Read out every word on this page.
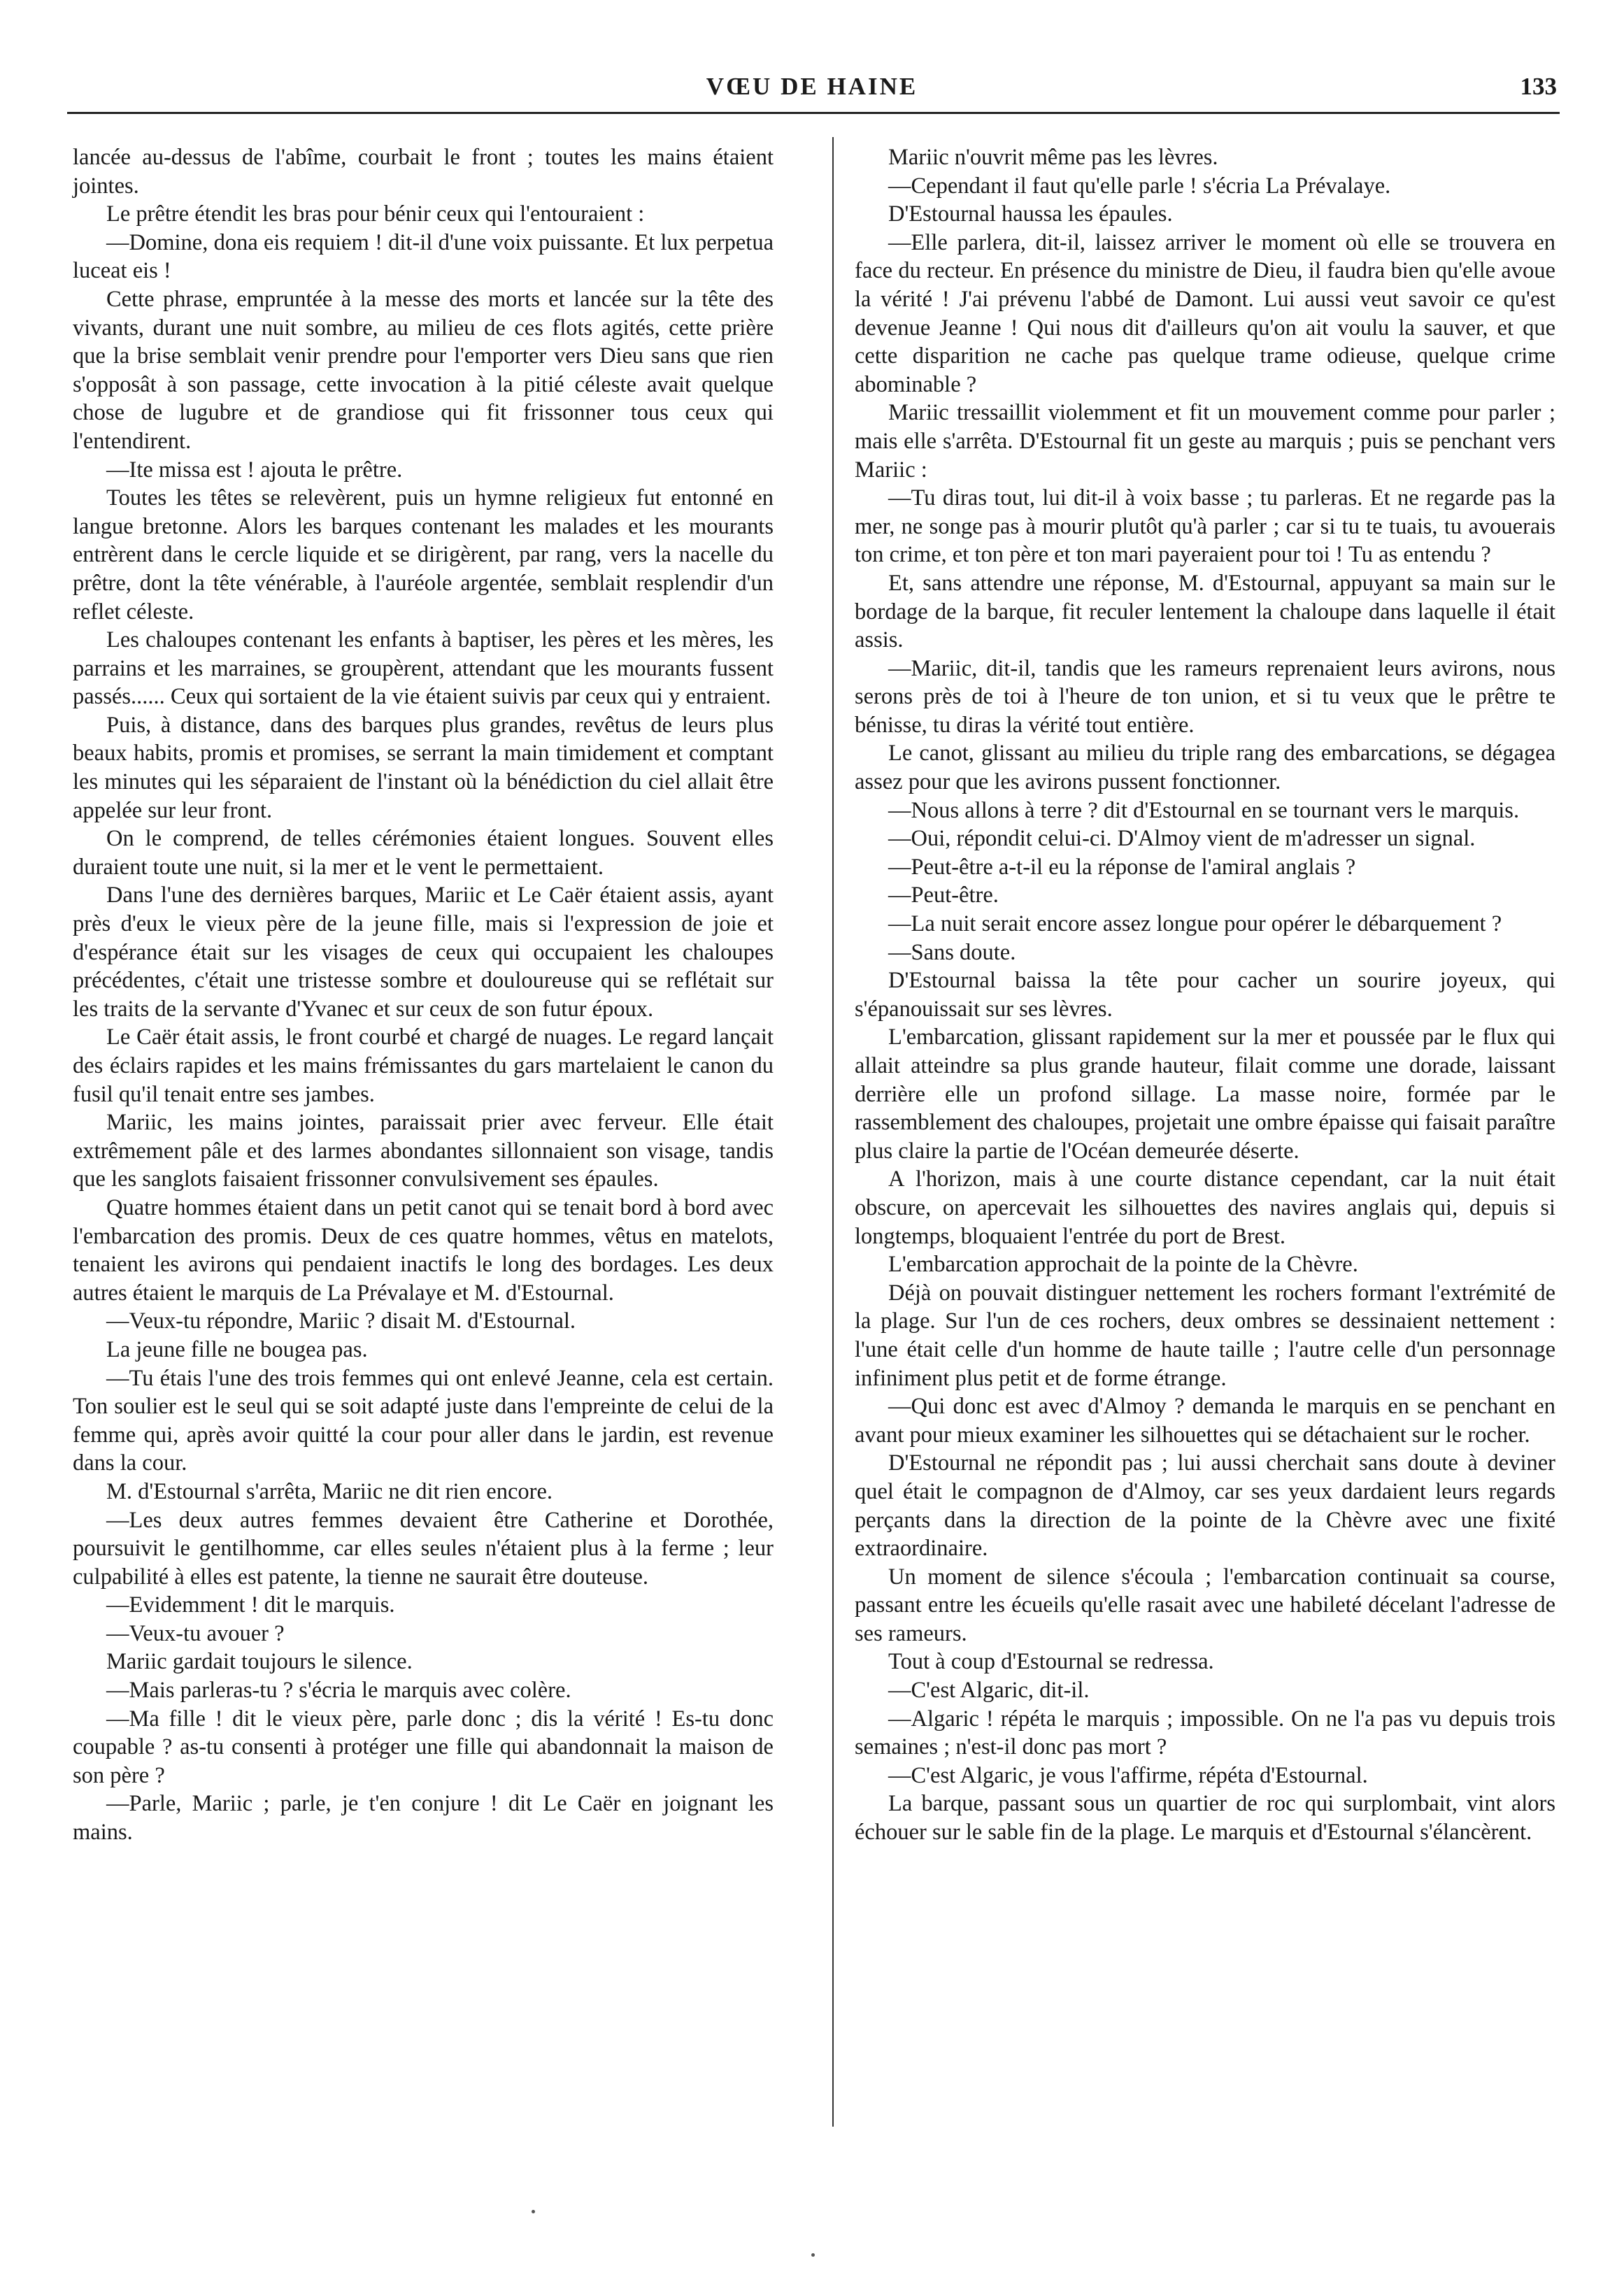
VŒU DE HAINE	133

lancée au-dessus de l'abîme, courbait le front ; toutes les mains étaient jointes.

Le prêtre étendit les bras pour bénir ceux qui l'entouraient :

—Domine, dona eis requiem ! dit-il d'une voix puissante. Et lux perpetua luceat eis !

Cette phrase, empruntée à la messe des morts et lancée sur la tête des vivants, durant une nuit sombre, au milieu de ces flots agités, cette prière que la brise semblait venir prendre pour l'emporter vers Dieu sans que rien s'opposât à son passage, cette invocation à la pitié céleste avait quelque chose de lugubre et de grandiose qui fit frissonner tous ceux qui l'entendirent.

—Ite missa est ! ajouta le prêtre.

Toutes les têtes se relevèrent, puis un hymne religieux fut entonné en langue bretonne. Alors les barques contenant les malades et les mourants entrèrent dans le cercle liquide et se dirigèrent, par rang, vers la nacelle du prêtre, dont la tête vénérable, à l'auréole argentée, semblait resplendir d'un reflet céleste.

Les chaloupes contenant les enfants à baptiser, les pères et les mères, les parrains et les marraines, se groupèrent, attendant que les mourants fussent passés...... Ceux qui sortaient de la vie étaient suivis par ceux qui y entraient.

Puis, à distance, dans des barques plus grandes, revêtus de leurs plus beaux habits, promis et promises, se serrant la main timidement et comptant les minutes qui les séparaient de l'instant où la bénédiction du ciel allait être appelée sur leur front.

On le comprend, de telles cérémonies étaient longues. Souvent elles duraient toute une nuit, si la mer et le vent le permettaient.

Dans l'une des dernières barques, Mariic et Le Caër étaient assis, ayant près d'eux le vieux père de la jeune fille, mais si l'expression de joie et d'espérance était sur les visages de ceux qui occupaient les chaloupes précédentes, c'était une tristesse sombre et douloureuse qui se reflétait sur les traits de la servante d'Yvanec et sur ceux de son futur époux.

Le Caër était assis, le front courbé et chargé de nuages. Le regard lançait des éclairs rapides et les mains frémissantes du gars martelaient le canon du fusil qu'il tenait entre ses jambes.

Mariic, les mains jointes, paraissait prier avec ferveur. Elle était extrêmement pâle et des larmes abondantes sillonnaient son visage, tandis que les sanglots faisaient frissonner convulsivement ses épaules.

Quatre hommes étaient dans un petit canot qui se tenait bord à bord avec l'embarcation des promis. Deux de ces quatre hommes, vêtus en matelots, tenaient les avirons qui pendaient inactifs le long des bordages. Les deux autres étaient le marquis de La Prévalaye et M. d'Estournal.

—Veux-tu répondre, Mariic ? disait M. d'Estournal.

La jeune fille ne bougea pas.

—Tu étais l'une des trois femmes qui ont enlevé Jeanne, cela est certain. Ton soulier est le seul qui se soit adapté juste dans l'empreinte de celui de la femme qui, après avoir quitté la cour pour aller dans le jardin, est revenue dans la cour.

M. d'Estournal s'arrêta, Mariic ne dit rien encore.

—Les deux autres femmes devaient être Catherine et Dorothée, poursuivit le gentilhomme, car elles seules n'étaient plus à la ferme ; leur culpabilité à elles est patente, la tienne ne saurait être douteuse.

—Evidemment ! dit le marquis.

—Veux-tu avouer ?

Mariic gardait toujours le silence.

—Mais parleras-tu ? s'écria le marquis avec colère.

—Ma fille ! dit le vieux père, parle donc ; dis la vérité ! Es-tu donc coupable ? as-tu consenti à protéger une fille qui abandonnait la maison de son père ?

—Parle, Mariic ; parle, je t'en conjure ! dit Le Caër en joignant les mains.

Mariic n'ouvrit même pas les lèvres.

—Cependant il faut qu'elle parle ! s'écria La Prévalaye.

D'Estournal haussa les épaules.

—Elle parlera, dit-il, laissez arriver le moment où elle se trouvera en face du recteur. En présence du ministre de Dieu, il faudra bien qu'elle avoue la vérité ! J'ai prévenu l'abbé de Damont. Lui aussi veut savoir ce qu'est devenue Jeanne ! Qui nous dit d'ailleurs qu'on ait voulu la sauver, et que cette disparition ne cache pas quelque trame odieuse, quelque crime abominable ?

Mariic tressaillit violemment et fit un mouvement comme pour parler ; mais elle s'arrêta. D'Estournal fit un geste au marquis ; puis se penchant vers Mariic :

—Tu diras tout, lui dit-il à voix basse ; tu parleras. Et ne regarde pas la mer, ne songe pas à mourir plutôt qu'à parler ; car si tu te tuais, tu avouerais ton crime, et ton père et ton mari payeraient pour toi ! Tu as entendu ?

Et, sans attendre une réponse, M. d'Estournal, appuyant sa main sur le bordage de la barque, fit reculer lentement la chaloupe dans laquelle il était assis.

—Mariic, dit-il, tandis que les rameurs reprenaient leurs avirons, nous serons près de toi à l'heure de ton union, et si tu veux que le prêtre te bénisse, tu diras la vérité tout entière.

Le canot, glissant au milieu du triple rang des embarcations, se dégagea assez pour que les avirons pussent fonctionner.

—Nous allons à terre ? dit d'Estournal en se tournant vers le marquis.

—Oui, répondit celui-ci. D'Almoy vient de m'adresser un signal.

—Peut-être a-t-il eu la réponse de l'amiral anglais ?

—Peut-être.

—La nuit serait encore assez longue pour opérer le débarquement ?

—Sans doute.

D'Estournal baissa la tête pour cacher un sourire joyeux, qui s'épanouissait sur ses lèvres.

L'embarcation, glissant rapidement sur la mer et poussée par le flux qui allait atteindre sa plus grande hauteur, filait comme une dorade, laissant derrière elle un profond sillage. La masse noire, formée par le rassemblement des chaloupes, projetait une ombre épaisse qui faisait paraître plus claire la partie de l'Océan demeurée déserte.

A l'horizon, mais à une courte distance cependant, car la nuit était obscure, on apercevait les silhouettes des navires anglais qui, depuis si longtemps, bloquaient l'entrée du port de Brest.

L'embarcation approchait de la pointe de la Chèvre.

Déjà on pouvait distinguer nettement les rochers formant l'extrémité de la plage. Sur l'un de ces rochers, deux ombres se dessinaient nettement : l'une était celle d'un homme de haute taille ; l'autre celle d'un personnage infiniment plus petit et de forme étrange.

—Qui donc est avec d'Almoy ? demanda le marquis en se penchant en avant pour mieux examiner les silhouettes qui se détachaient sur le rocher.

D'Estournal ne répondit pas ; lui aussi cherchait sans doute à deviner quel était le compagnon de d'Almoy, car ses yeux dardaient leurs regards perçants dans la direction de la pointe de la Chèvre avec une fixité extraordinaire.

Un moment de silence s'écoula ; l'embarcation continuait sa course, passant entre les écueils qu'elle rasait avec une habileté décelant l'adresse de ses rameurs.

Tout à coup d'Estournal se redressa.

—C'est Algaric, dit-il.

—Algaric ! répéta le marquis ; impossible. On ne l'a pas vu depuis trois semaines ; n'est-il donc pas mort ?

—C'est Algaric, je vous l'affirme, répéta d'Estournal.

La barque, passant sous un quartier de roc qui surplombait, vint alors échouer sur le sable fin de la plage. Le marquis et d'Estournal s'élancèrent.
